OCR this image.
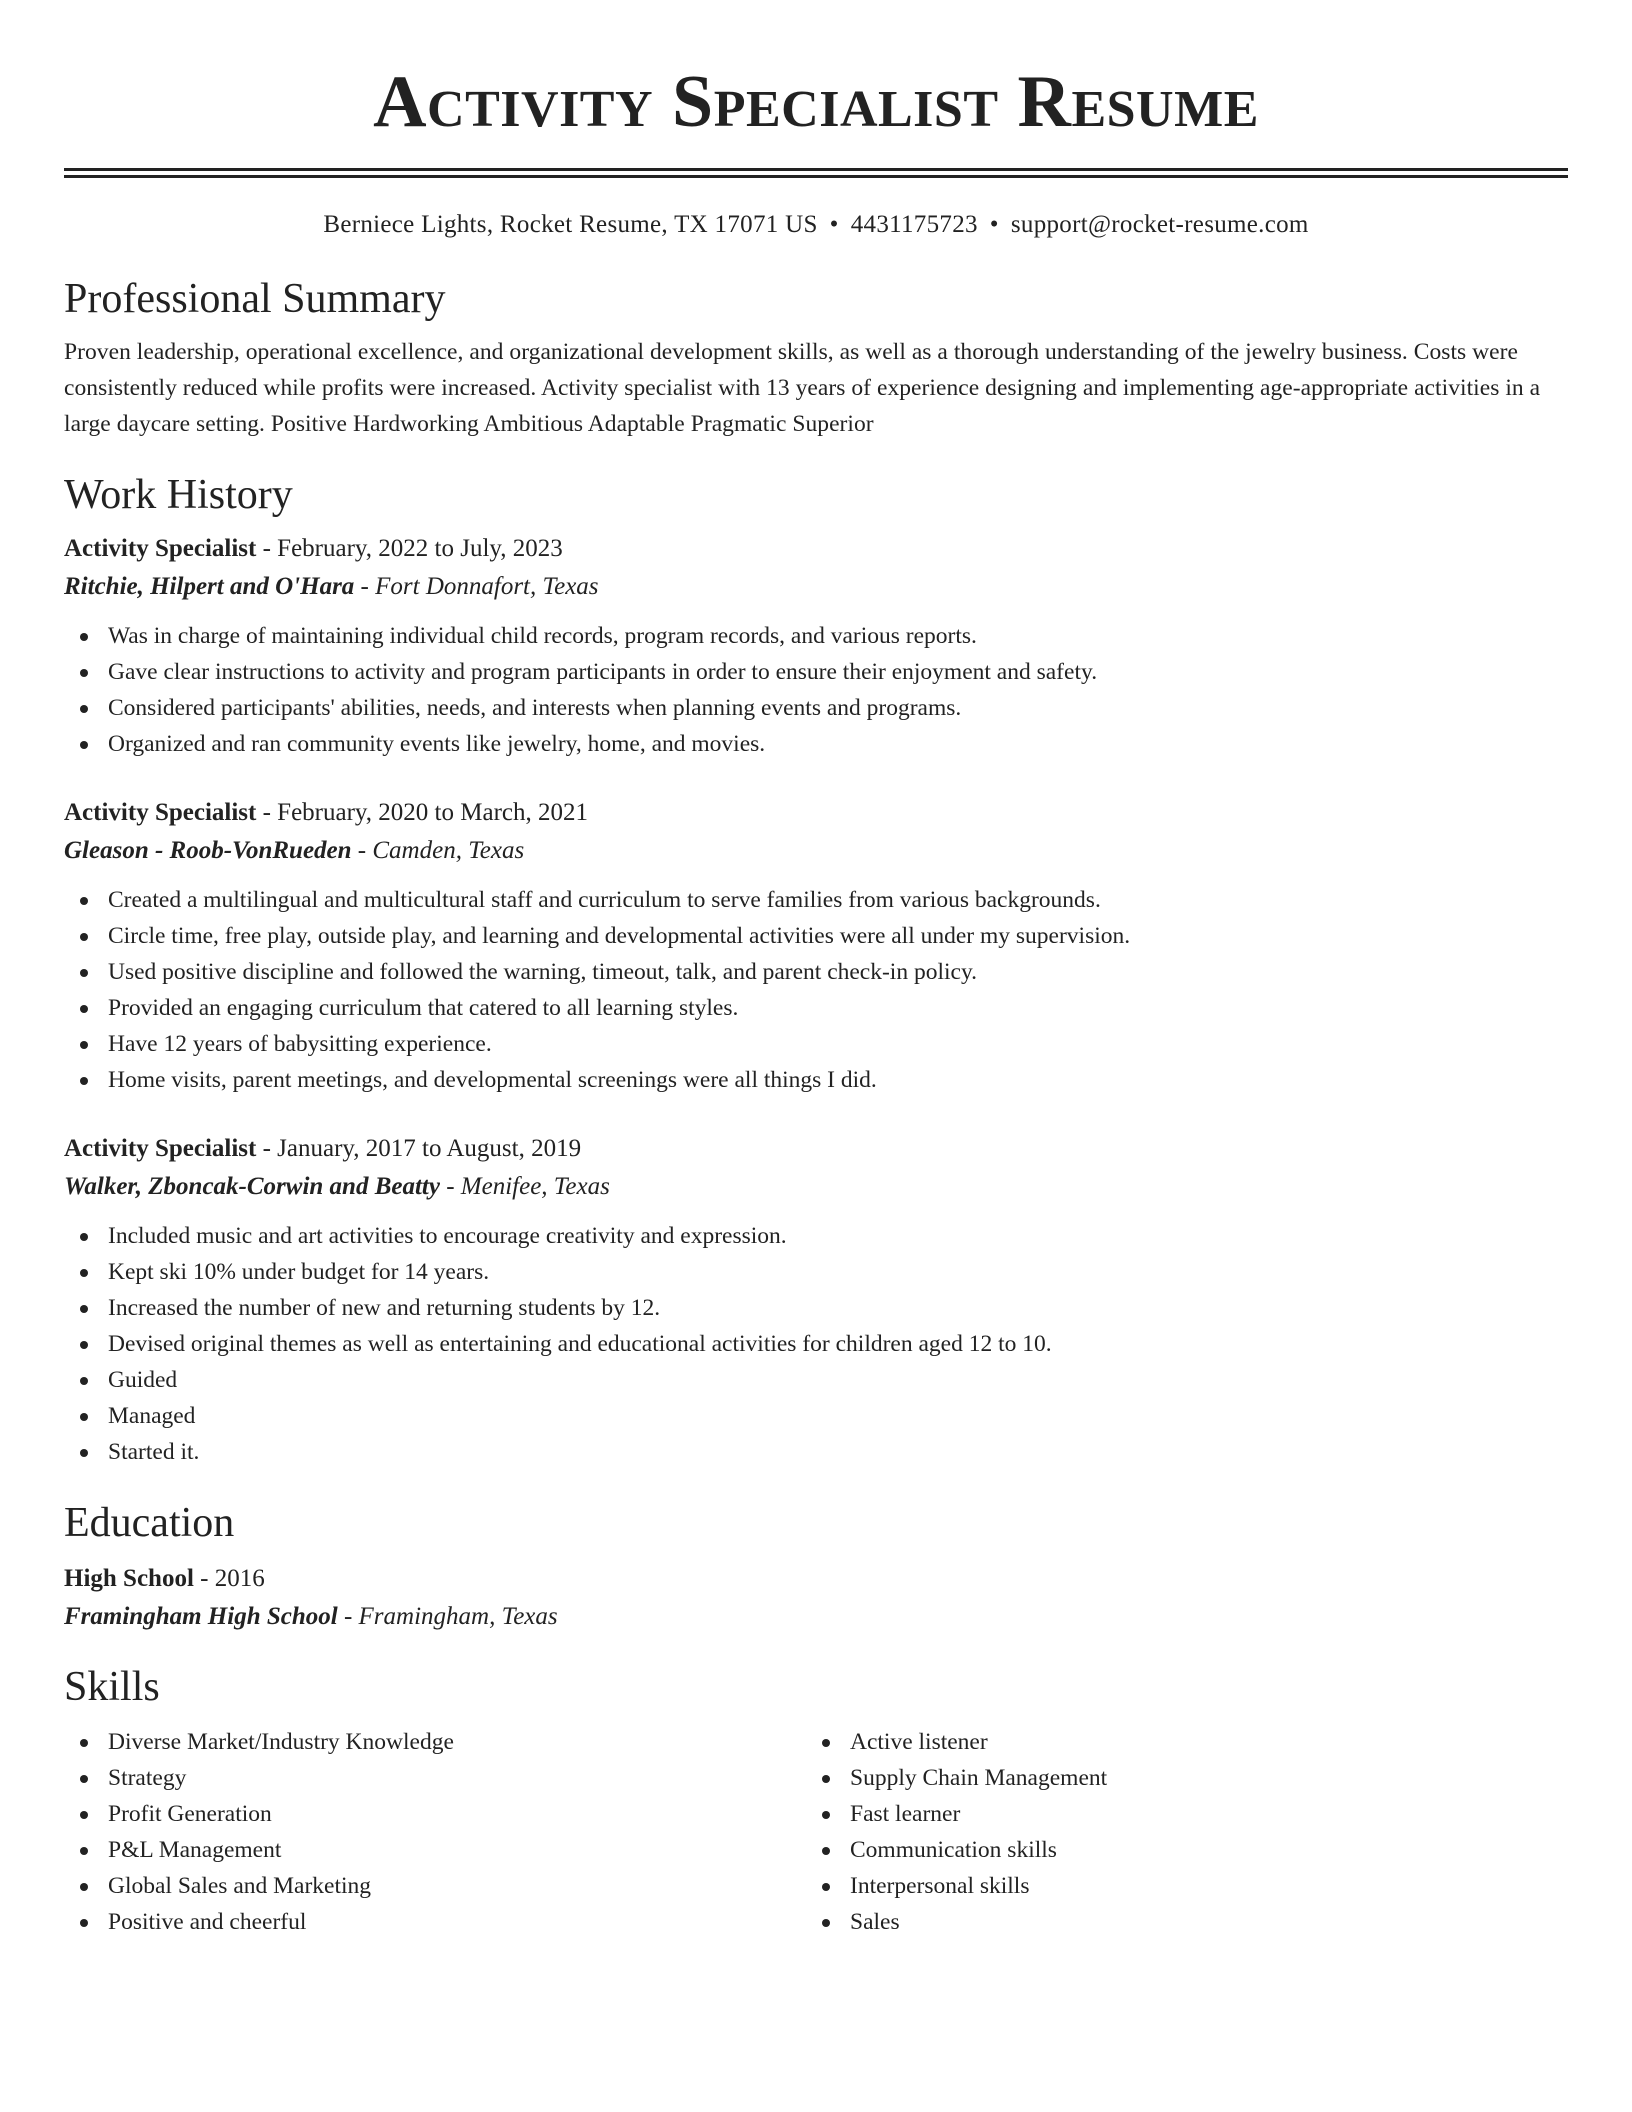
Activity Specialist Resume
Berniece Lights, Rocket Resume, TX 17071 US • 4431175723 • support@rocket-resume.com
Professional Summary

Proven leadership, operational excellence, and organizational development skills, as well as a thorough understanding of the jewelry business. Costs were consistently reduced while profits were increased. Activity specialist with 13 years of experience designing and implementing age-appropriate activities in a large daycare setting. Positive Hardworking Ambitious Adaptable Pragmatic Superior

Work History

Activity Specialist - February, 2022 to July, 2023

Ritchie, Hilpert and O'Hara - Fort Donnafort, Texas

Was in charge of maintaining individual child records, program records, and various reports.
Gave clear instructions to activity and program participants in order to ensure their enjoyment and safety.
Considered participants' abilities, needs, and interests when planning events and programs.
Organized and ran community events like jewelry, home, and movies.

Activity Specialist - February, 2020 to March, 2021

Gleason - Roob-VonRueden - Camden, Texas

Created a multilingual and multicultural staff and curriculum to serve families from various backgrounds.
Circle time, free play, outside play, and learning and developmental activities were all under my supervision.
Used positive discipline and followed the warning, timeout, talk, and parent check-in policy.
Provided an engaging curriculum that catered to all learning styles.
Have 12 years of babysitting experience.
Home visits, parent meetings, and developmental screenings were all things I did.

Activity Specialist - January, 2017 to August, 2019

Walker, Zboncak-Corwin and Beatty - Menifee, Texas

Included music and art activities to encourage creativity and expression.
Kept ski 10% under budget for 14 years.
Increased the number of new and returning students by 12.
Devised original themes as well as entertaining and educational activities for children aged 12 to 10.
Guided
Managed
Started it.
Education

High School - 2016

Framingham High School - Framingham, Texas

Skills
Diverse Market/Industry Knowledge
Strategy
Profit Generation
P&L Management
Global Sales and Marketing
Positive and cheerful
Active listener
Supply Chain Management
Fast learner
Communication skills
Interpersonal skills
Sales
